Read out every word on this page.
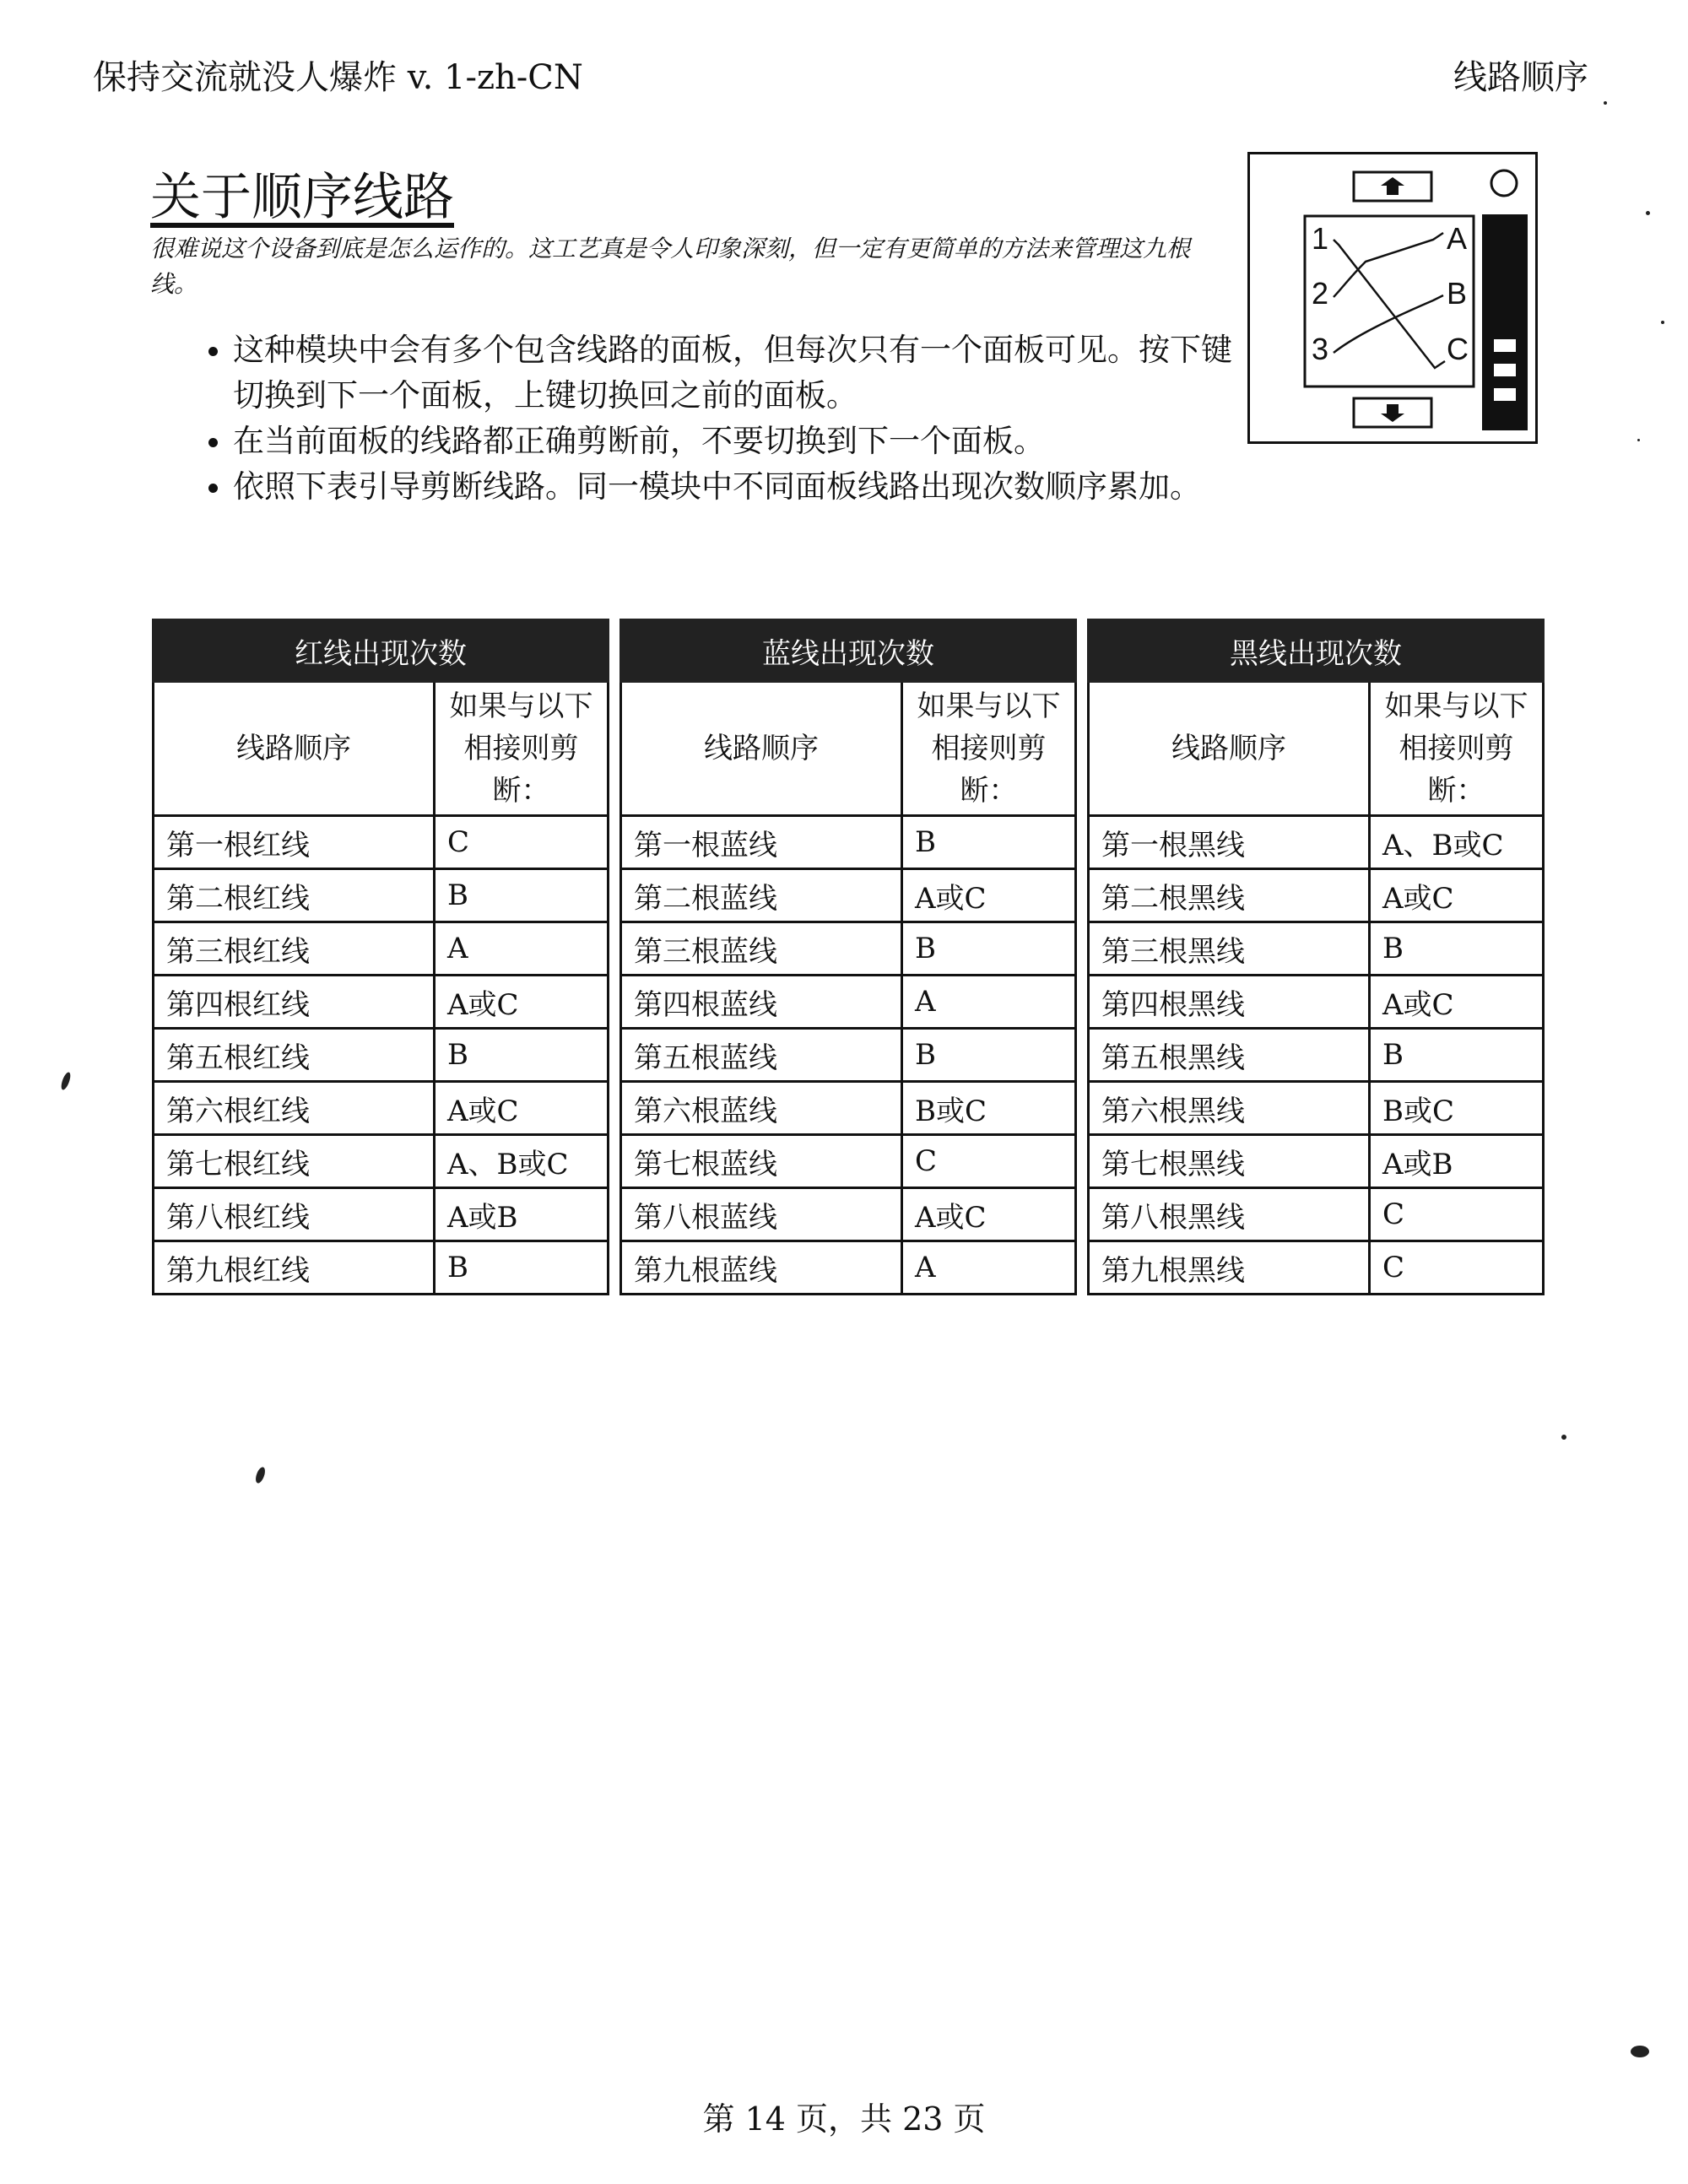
保持交流就没人爆炸 v. 1-zh-CN	线路顺序
关于顺序线路
很难说这个设备到底是怎么运作的。这工艺真是令人印象深刻，但一定有更简单的方法来管理这九根线。
• 这种模块中会有多个包含线路的面板，但每次只有一个面板可见。按下键切换到下一个面板，上键切换回之前的面板。
• 在当前面板的线路都正确剪断前，不要切换到下一个面板。
• 依照下表引导剪断线路。同一模块中不同面板线路出现次数顺序累加。
1
2
3
A
B
C
红线出现次数	
线路顺序	如果与以下相接则剪断：
第一根红线	C
第二根红线	B
第三根红线	A
第四根红线	A或C
第五根红线	B
第六根红线	A或C
第七根红线	A、B或C
第八根红线	A或B
第九根红线	B
蓝线出现次数	
线路顺序	如果与以下相接则剪断：
第一根蓝线	B
第二根蓝线	A或C
第三根蓝线	B
第四根蓝线	A
第五根蓝线	B
第六根蓝线	B或C
第七根蓝线	C
第八根蓝线	A或C
第九根蓝线	A
黑线出现次数	
线路顺序	如果与以下相接则剪断：
第一根黑线	A、B或C
第二根黑线	A或C
第三根黑线	B
第四根黑线	A或C
第五根黑线	B
第六根黑线	B或C
第七根黑线	A或B
第八根黑线	C
第九根黑线	C
第 14 页，共 23 页
